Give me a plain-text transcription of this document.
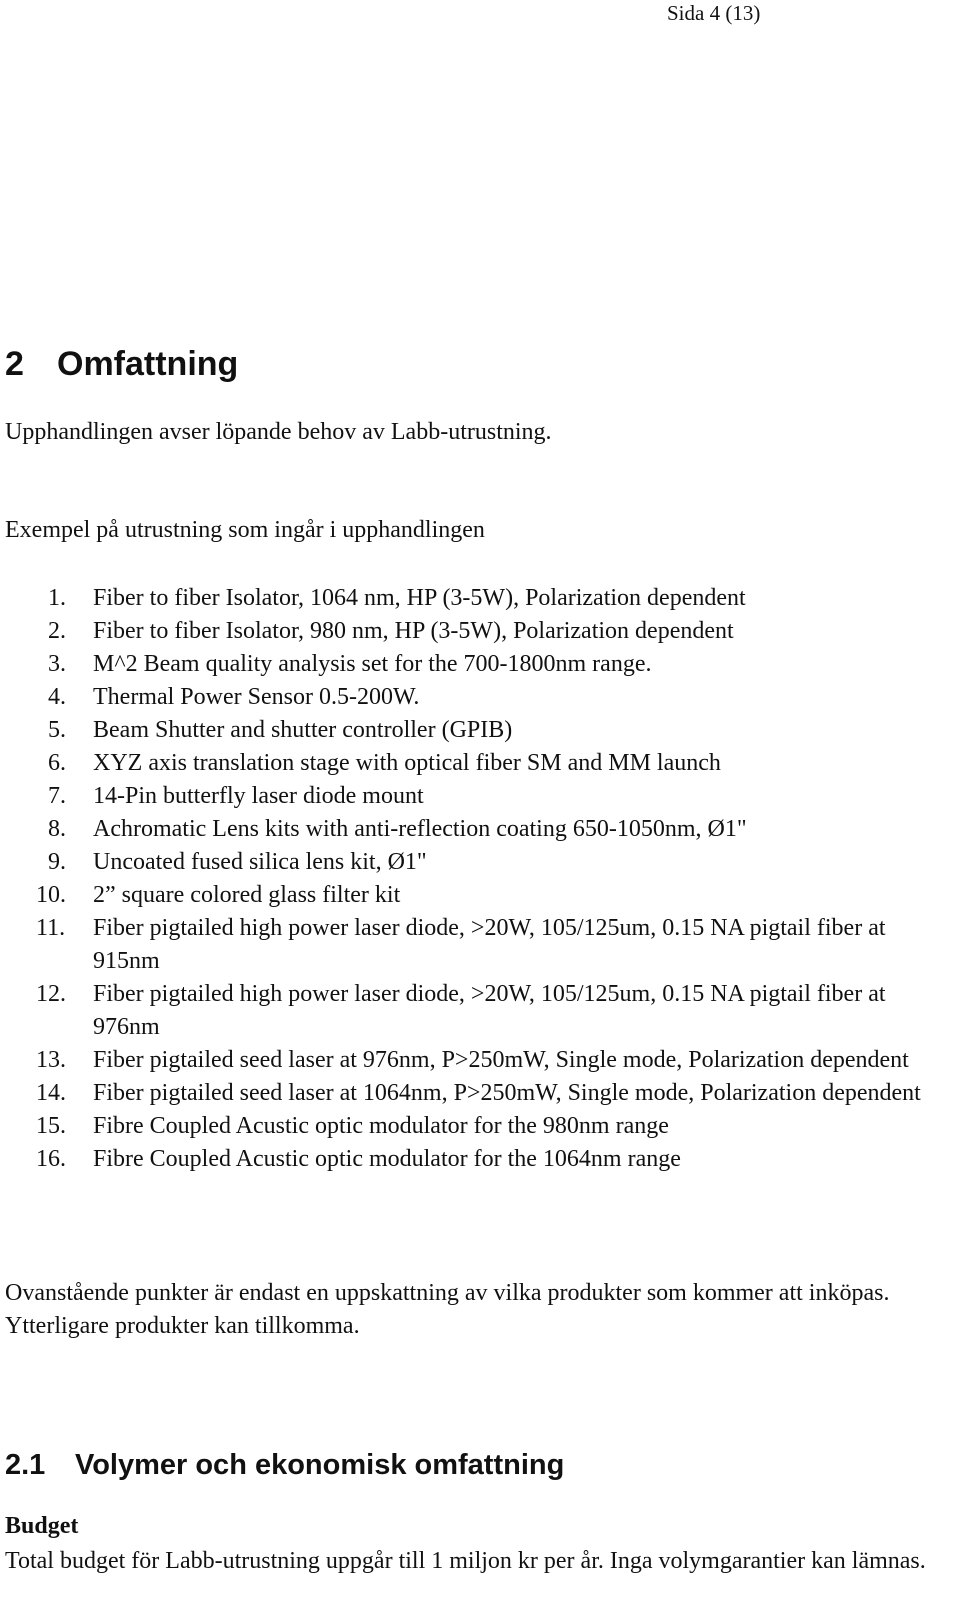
Sida 4 (13)
2 Omfattning

Upphandlingen avser löpande behov av Labb-utrustning.

Exempel på utrustning som ingår i upphandlingen

1. Fiber to fiber Isolator, 1064 nm, HP (3-5W), Polarization dependent
2. Fiber to fiber Isolator, 980 nm, HP (3-5W), Polarization dependent
3. M^2 Beam quality analysis set for the 700-1800nm range.
4. Thermal Power Sensor 0.5-200W.
5. Beam Shutter and shutter controller (GPIB)
6. XYZ axis translation stage with optical fiber SM and MM launch
7. 14-Pin butterfly laser diode mount
8. Achromatic Lens kits with anti-reflection coating 650-1050nm, Ø1"
9. Uncoated fused silica lens kit, Ø1"
10. 2” square colored glass filter kit
11. Fiber pigtailed high power laser diode, >20W, 105/125um, 0.15 NA pigtail fiber at 915nm
12. Fiber pigtailed high power laser diode, >20W, 105/125um, 0.15 NA pigtail fiber at 976nm
13. Fiber pigtailed seed laser at 976nm, P>250mW, Single mode, Polarization dependent
14. Fiber pigtailed seed laser at 1064nm, P>250mW, Single mode, Polarization dependent
15. Fibre Coupled Acustic optic modulator for the 980nm range
16. Fibre Coupled Acustic optic modulator for the 1064nm range

Ovanstående punkter är endast en uppskattning av vilka produkter som kommer att inköpas. Ytterligare produkter kan tillkomma.

2.1 Volymer och ekonomisk omfattning

Budget

Total budget för Labb-utrustning uppgår till 1 miljon kr per år. Inga volymgarantier kan lämnas.
